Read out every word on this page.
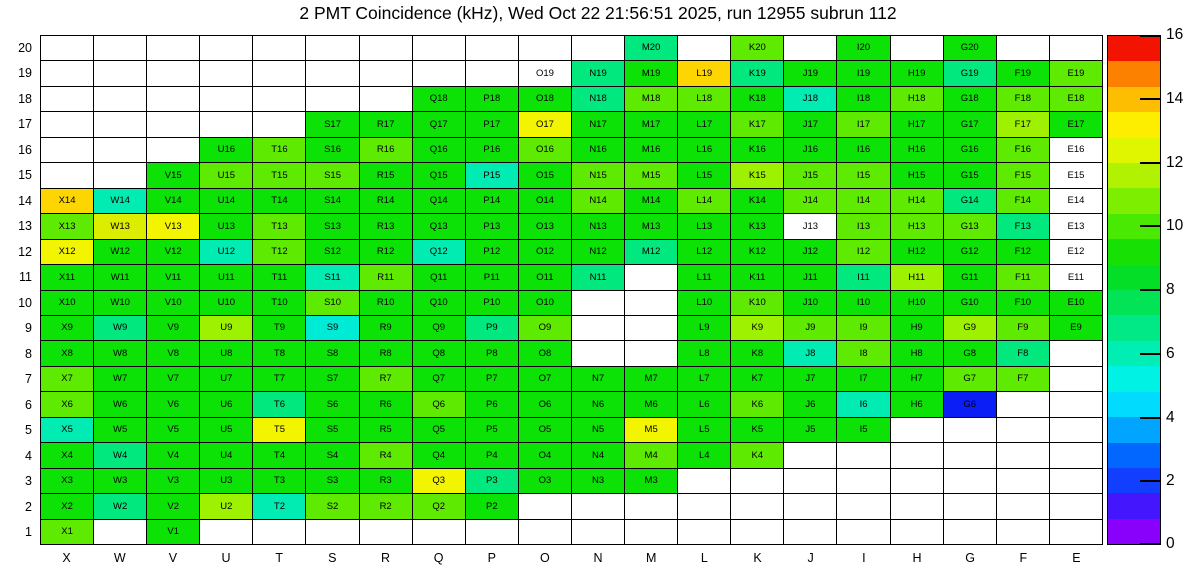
2 PMT Coincidence (kHz), Wed Oct 22 21:56:51 2025, run 12955 subrun 112
M20	K20	I20	G20
O19	N19	M19	L19	K19	J19	I19	H19	G19	F19	E19
Q18	P18	O18	N18	M18	L18	K18	J18	I18	H18	G18	F18	E18
S17	R17	Q17	P17	O17	N17	M17	L17	K17	J17	I17	H17	G17	F17	E17
U16	T16	S16	R16	Q16	P16	O16	N16	M16	L16	K16	J16	I16	H16	G16	F16	E16
V15	U15	T15	S15	R15	Q15	P15	O15	N15	M15	L15	K15	J15	I15	H15	G15	F15	E15
X14	W14	V14	U14	T14	S14	R14	Q14	P14	O14	N14	M14	L14	K14	J14	I14	H14	G14	F14	E14
X13	W13	V13	U13	T13	S13	R13	Q13	P13	O13	N13	M13	L13	K13	J13	I13	H13	G13	F13	E13
X12	W12	V12	U12	T12	S12	R12	Q12	P12	O12	N12	M12	L12	K12	J12	I12	H12	G12	F12	E12
X11	W11	V11	U11	T11	S11	R11	Q11	P11	O11	N11	L11	K11	J11	I11	H11	G11	F11	E11
X10	W10	V10	U10	T10	S10	R10	Q10	P10	O10	L10	K10	J10	I10	H10	G10	F10	E10
X9	W9	V9	U9	T9	S9	R9	Q9	P9	O9	L9	K9	J9	I9	H9	G9	F9	E9
X8	W8	V8	U8	T8	S8	R8	Q8	P8	O8	L8	K8	J8	I8	H8	G8	F8
X7	W7	V7	U7	T7	S7	R7	Q7	P7	O7	N7	M7	L7	K7	J7	I7	H7	G7	F7
X6	W6	V6	U6	T6	S6	R6	Q6	P6	O6	N6	M6	L6	K6	J6	I6	H6	G6
X5	W5	V5	U5	T5	S5	R5	Q5	P5	O5	N5	M5	L5	K5	J5	I5
X4	W4	V4	U4	T4	S4	R4	Q4	P4	O4	N4	M4	L4	K4
X3	W3	V3	U3	T3	S3	R3	Q3	P3	O3	N3	M3
X2	W2	V2	U2	T2	S2	R2	Q2	P2
X1	V1
20
19
18
17
16
15
14
13
12
11
10
9
8
7
6
5
4
3
2
1
X	W	V	U	T	S	R	Q	P	O	N	M	L	K	J	I	H	G	F	E
0
2
4
6
8
10
12
14
16
